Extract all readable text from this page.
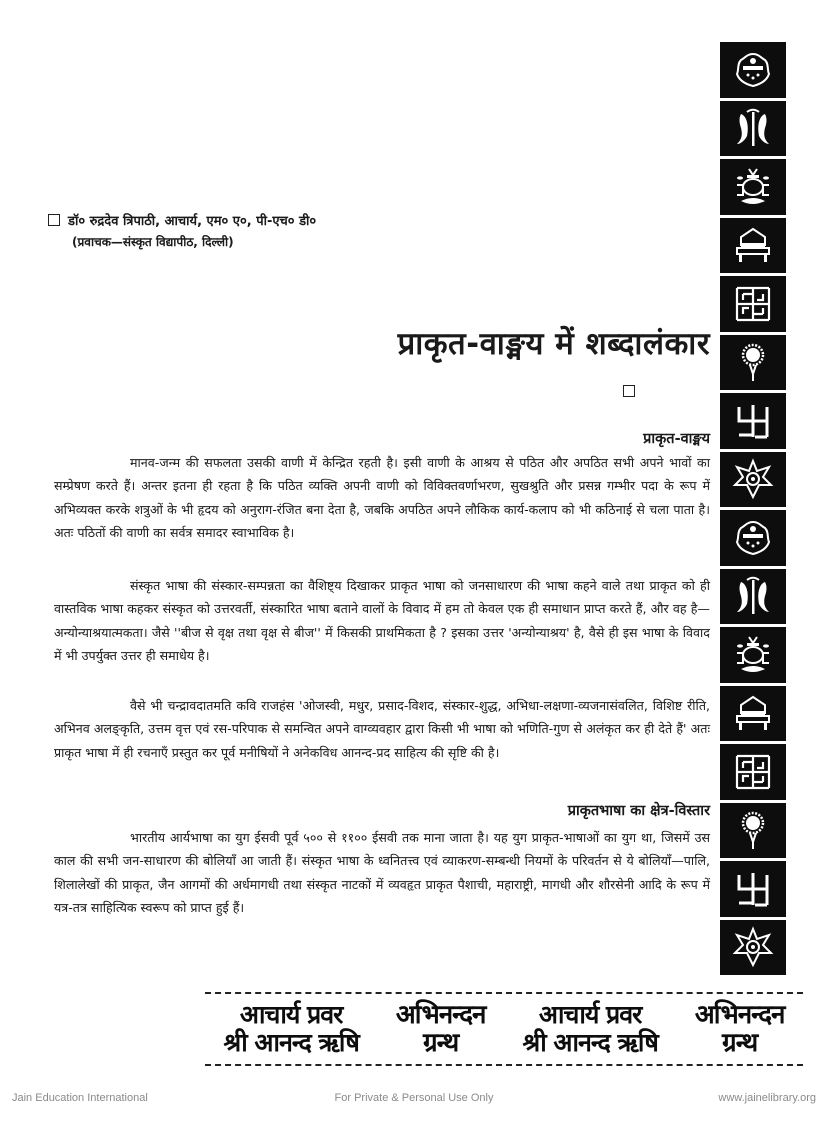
डॉ० रुद्रदेव त्रिपाठी, आचार्य, एम० ए०, पी-एच० डी०
(प्रवाचक—संस्कृत विद्यापीठ, दिल्ली)
प्राकृत-वाङ्मय में शब्दालंकार
प्राकृत-वाङ्मय

मानव-जन्म की सफलता उसकी वाणी में केन्द्रित रहती है। इसी वाणी के आश्रय से पठित और अपठित सभी अपने भावों का सम्प्रेषण करते हैं। अन्तर इतना ही रहता है कि पठित व्यक्ति अपनी वाणी को विविक्तवर्णाभरण, सुखश्रुति और प्रसन्न गम्भीर पदा के रूप में अभिव्यक्त करके शत्रुओं के भी हृदय को अनुराग-रंजित बना देता है, जबकि अपठित अपने लौकिक कार्य-कलाप को भी कठिनाई से चला पाता है। अतः पठितों की वाणी का सर्वत्र समादर स्वाभाविक है।

संस्कृत भाषा की संस्कार-सम्पन्नता का वैशिष्ट्य दिखाकर प्राकृत भाषा को जनसाधारण की भाषा कहने वाले तथा प्राकृत को ही वास्तविक भाषा कहकर संस्कृत को उत्तरवर्ती, संस्कारित भाषा बताने वालों के विवाद में हम तो केवल एक ही समाधान प्राप्त करते हैं, और वह है—अन्योन्याश्रयात्मकता। जैसे ''बीज से वृक्ष तथा वृक्ष से बीज'' में किसकी प्राथमिकता है ? इसका उत्तर 'अन्योन्याश्रय' है, वैसे ही इस भाषा के विवाद में भी उपर्युक्त उत्तर ही समाधेय है।

वैसे भी चन्द्रावदातमति कवि राजहंस 'ओजस्वी, मधुर, प्रसाद-विशद, संस्कार-शुद्ध, अभिधा-लक्षणा-व्यजनासंवलित, विशिष्ट रीति, अभिनव अलङ्कृति, उत्तम वृत्त एवं रस-परिपाक से समन्वित अपने वाग्व्यवहार द्वारा किसी भी भाषा को भणिति-गुण से अलंकृत कर ही देते हैं' अतः प्राकृत भाषा में ही रचनाएँ प्रस्तुत कर पूर्व मनीषियों ने अनेकविध आनन्द-प्रद साहित्य की सृष्टि की है।

प्राकृतभाषा का क्षेत्र-विस्तार

भारतीय आर्यभाषा का युग ईसवी पूर्व ५०० से ११०० ईसवी तक माना जाता है। यह युग प्राकृत-भाषाओं का युग था, जिसमें उस काल की सभी जन-साधारण की बोलियाँ आ जाती हैं। संस्कृत भाषा के ध्वनितत्त्व एवं व्याकरण-सम्बन्धी नियमों के परिवर्तन से ये बोलियाँ—पालि, शिलालेखों की प्राकृत, जैन आगमों की अर्धमागधी तथा संस्कृत नाटकों में व्यवहृत प्राकृत पैशाची, महाराष्ट्री, मागधी और शौरसेनी आदि के रूप में यत्र-तत्र साहित्यिक स्वरूप को प्राप्त हुई हैं।

आचार्य प्रवर
श्री आनन्द ऋषि
अभिनन्दन
ग्रन्थ
आचार्य प्रवर
श्री आनन्द ऋषि
अभिनन्दन
ग्रन्थ
Jain Education International	For Private & Personal Use Only	www.jainelibrary.org
